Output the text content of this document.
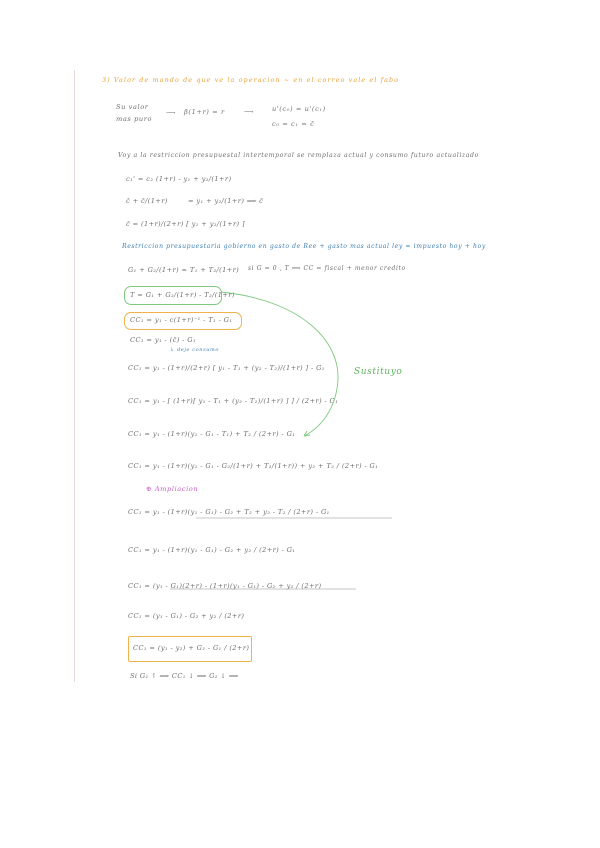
3) Valor de mando de que ve la operacion ~ en el correo vale el fabo
Su valor
mas puro
⟶ β(1+r) = r	⟶	u'(c₀) = u'(c₁)
c₀ = c₁ = c̄
Voy a la restriccion presupuestal intertemporal se remplaza actual y consumo futuro actualizado
c₁' = c₂ (1+r) - y₁ + y₂/(1+r)
c̄ + c̄/(1+r)	= y₁ + y₂/(1+r) ⟹ c̄
c̄ = (1+r)/(2+r) [ y₁ + y₂/(1+r) ]
Restriccion presupuestaria gobierno en gasto de Ree + gasto mas actual ley = impuesto hoy + hoy
G₁ + G₂/(1+r) = T₁ + T₂/(1+r) si G = 0 , T ⟹ CC = fiscal + menor credito
T = G₁ + G₂/(1+r) - T₂/(1+r)
CC₁ = y₁ - c(1+r)⁻¹ - T₁ - G₁
CC₁ = y₁ - (c̄) - G₁
↳ deje consumo
CC₁ = y₁ - (1+r)/(2+r) [ y₁ - T₁ + (y₂ - T₂)/(1+r) ] - G₁
CC₁ = y₁ - [ (1+r)[ y₁ - T₁ + (y₂ - T₂)/(1+r) ] ] / (2+r) - G₁
CC₁ = y₁ - (1+r)(y₁ - G₁ - T₁) + T₂ / (2+r) - G₁
CC₁ = y₁ - (1+r)(y₁ - G₁ - G₂/(1+r) + T₂/(1+r)) + y₂ + T₂ / (2+r) - G₁
⊕ Ampliacion
CC₁ = y₁ - (1+r)(y₁ - G₁) - G₂ + T₂ + y₂ - T₂ / (2+r) - G₁
CC₁ = y₁ - (1+r)(y₁ - G₁) - G₂ + y₂ / (2+r) - G₁
CC₁ = (y₁ - G₁)(2+r) - (1+r)(y₁ - G₁) - G₂ + y₂ / (2+r)
CC₁ = (y₁ - G₁) - G₂ + y₂ / (2+r)
CC₁ = (y₁ - y₂) + G₂ - G₁ / (2+r)
Si G₁ ↑ ⟹ CC₁ ↓ ⟹ G₂ ↓ ⟹
Sustituyo
